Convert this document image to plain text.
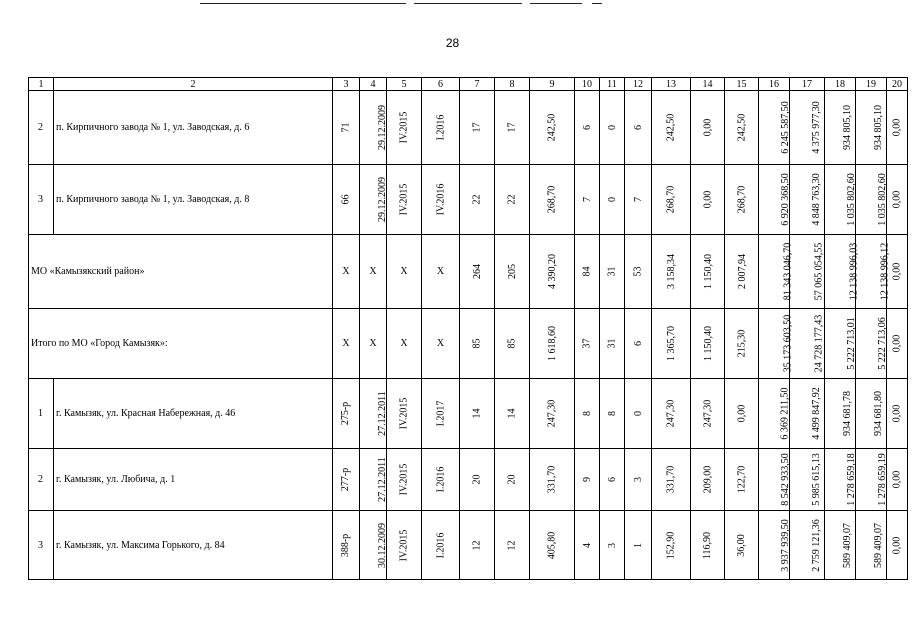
28
1	2	3	4	5	6	7	8	9	10	11	12	13	14	15	16	17	18	19	20
2	п. Кирпичного завода № 1, ул. Заводская, д. 6	71	29.12.2009	IV.2015	I.2016	17	17	242,50	6	0	6	242,50	0,00	242,50	6 245 587,50	4 375 977,30	934 805,10	934 805,10	0,00
3	п. Кирпичного завода № 1, ул. Заводская, д. 8	66	29.12.2009	IV.2015	IV.2016	22	22	268,70	7	0	7	268,70	0,00	268,70	6 920 368,50	4 848 763,30	1 035 802,60	1 035 802,60	0,00
МО «Камызякский район»		X	X	X	X	264	205	4 390,20	84	31	53	3 158,34	1 150,40	2 007,94	81 343 046,70	57 065 054,55	12 138 996,03	12 138 996,12	0,00
Итого по МО «Город Камызяк»:		X	X	X	X	85	85	1 618,60	37	31	6	1 365,70	1 150,40	215,30	35 173 603,50	24 728 177,43	5 222 713,01	5 222 713,06	0,00
1	г. Камызяк, ул. Красная Набережная, д. 46	275-р	27.12.2011	IV.2015	I.2017	14	14	247,30	8	8	0	247,30	247,30	0,00	6 369 211,50	4 499 847,92	934 681,78	934 681,80	0,00
2	г. Камызяк, ул. Любича, д. 1	277-р	27.12.2011	IV.2015	I.2016	20	20	331,70	9	6	3	331,70	209,00	122,70	8 542 933,50	5 985 615,13	1 278 659,18	1 278 659,19	0,00
3	г. Камызяк, ул. Максима Горького, д. 84	388-р	30.12.2009	IV.2015	I.2016	12	12	405,80	4	3	1	152,90	116,90	36,00	3 937 939,50	2 759 121,36	589 409,07	589 409,07	0,00
